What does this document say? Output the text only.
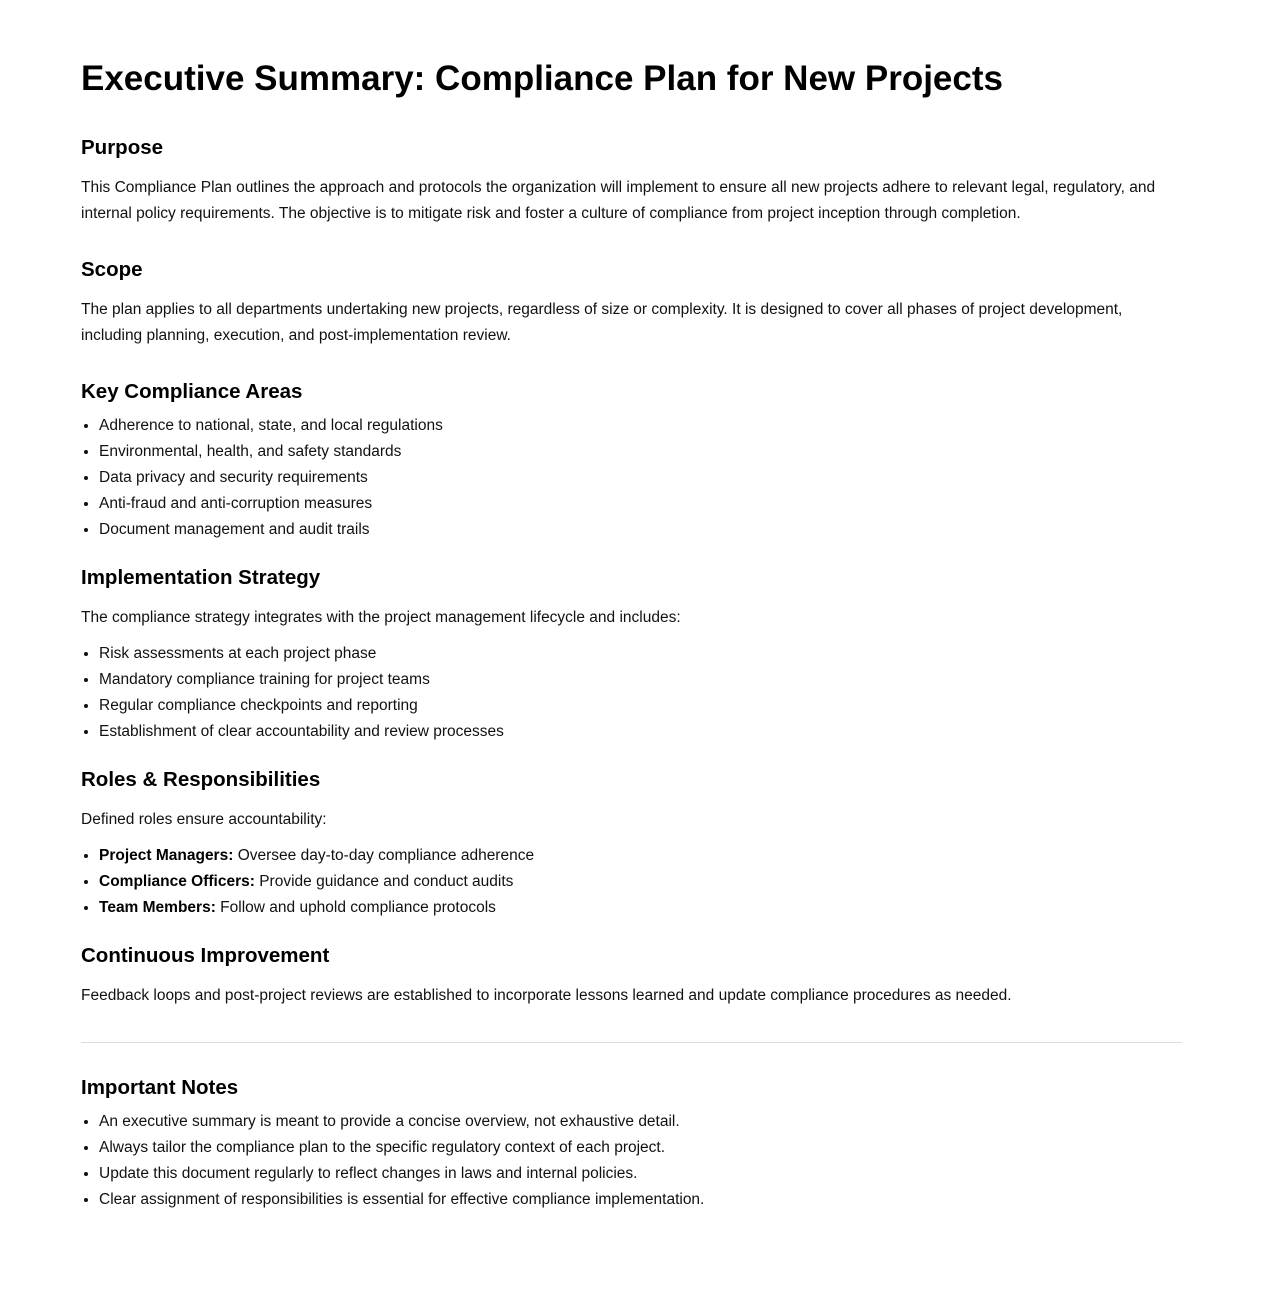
Executive Summary: Compliance Plan for New Projects
Purpose

This Compliance Plan outlines the approach and protocols the organization will implement to ensure all new projects adhere to relevant legal, regulatory, and internal policy requirements. The objective is to mitigate risk and foster a culture of compliance from project inception through completion.

Scope

The plan applies to all departments undertaking new projects, regardless of size or complexity. It is designed to cover all phases of project development, including planning, execution, and post-implementation review.

Key Compliance Areas
• Adherence to national, state, and local regulations
• Environmental, health, and safety standards
• Data privacy and security requirements
• Anti-fraud and anti-corruption measures
• Document management and audit trails
Implementation Strategy

The compliance strategy integrates with the project management lifecycle and includes:

• Risk assessments at each project phase
• Mandatory compliance training for project teams
• Regular compliance checkpoints and reporting
• Establishment of clear accountability and review processes
Roles & Responsibilities

Defined roles ensure accountability:

• Project Managers: Oversee day-to-day compliance adherence
• Compliance Officers: Provide guidance and conduct audits
• Team Members: Follow and uphold compliance protocols
Continuous Improvement

Feedback loops and post-project reviews are established to incorporate lessons learned and update compliance procedures as needed.

Important Notes
• An executive summary is meant to provide a concise overview, not exhaustive detail.
• Always tailor the compliance plan to the specific regulatory context of each project.
• Update this document regularly to reflect changes in laws and internal policies.
• Clear assignment of responsibilities is essential for effective compliance implementation.
